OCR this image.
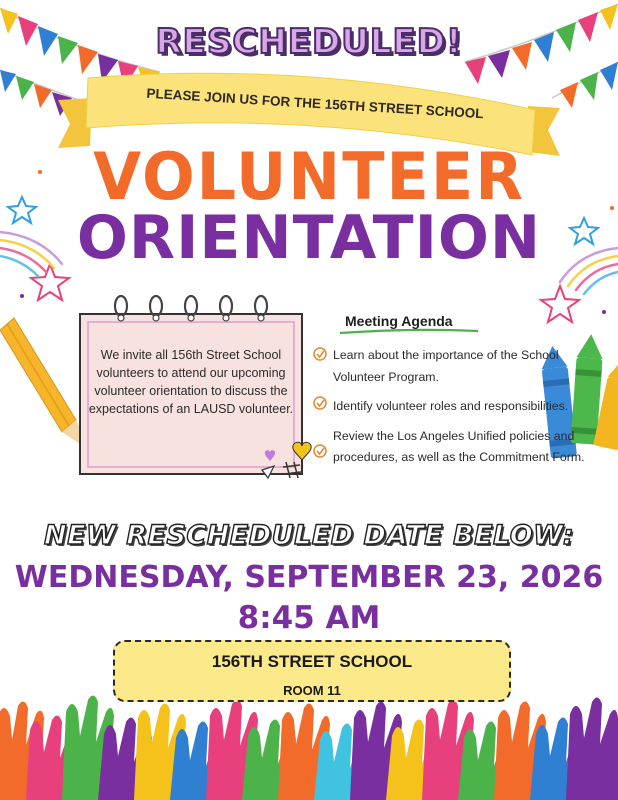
RESCHEDULED!
PLEASE JOIN US FOR THE 156TH STREET SCHOOL
VOLUNTEER
ORIENTATION
We invite all 156th Street School volunteers to attend our upcoming volunteer orientation to discuss the expectations of an LAUSD volunteer.
Meeting Agenda
Learn about the importance of the School Volunteer Program.
Identify volunteer roles and responsibilities.
Review the Los Angeles Unified policies and procedures, as well as the Commitment Form.
NEW RESCHEDULED DATE BELOW:
WEDNESDAY, SEPTEMBER 23, 2026
8:45 AM
156TH STREET SCHOOL
ROOM 11
